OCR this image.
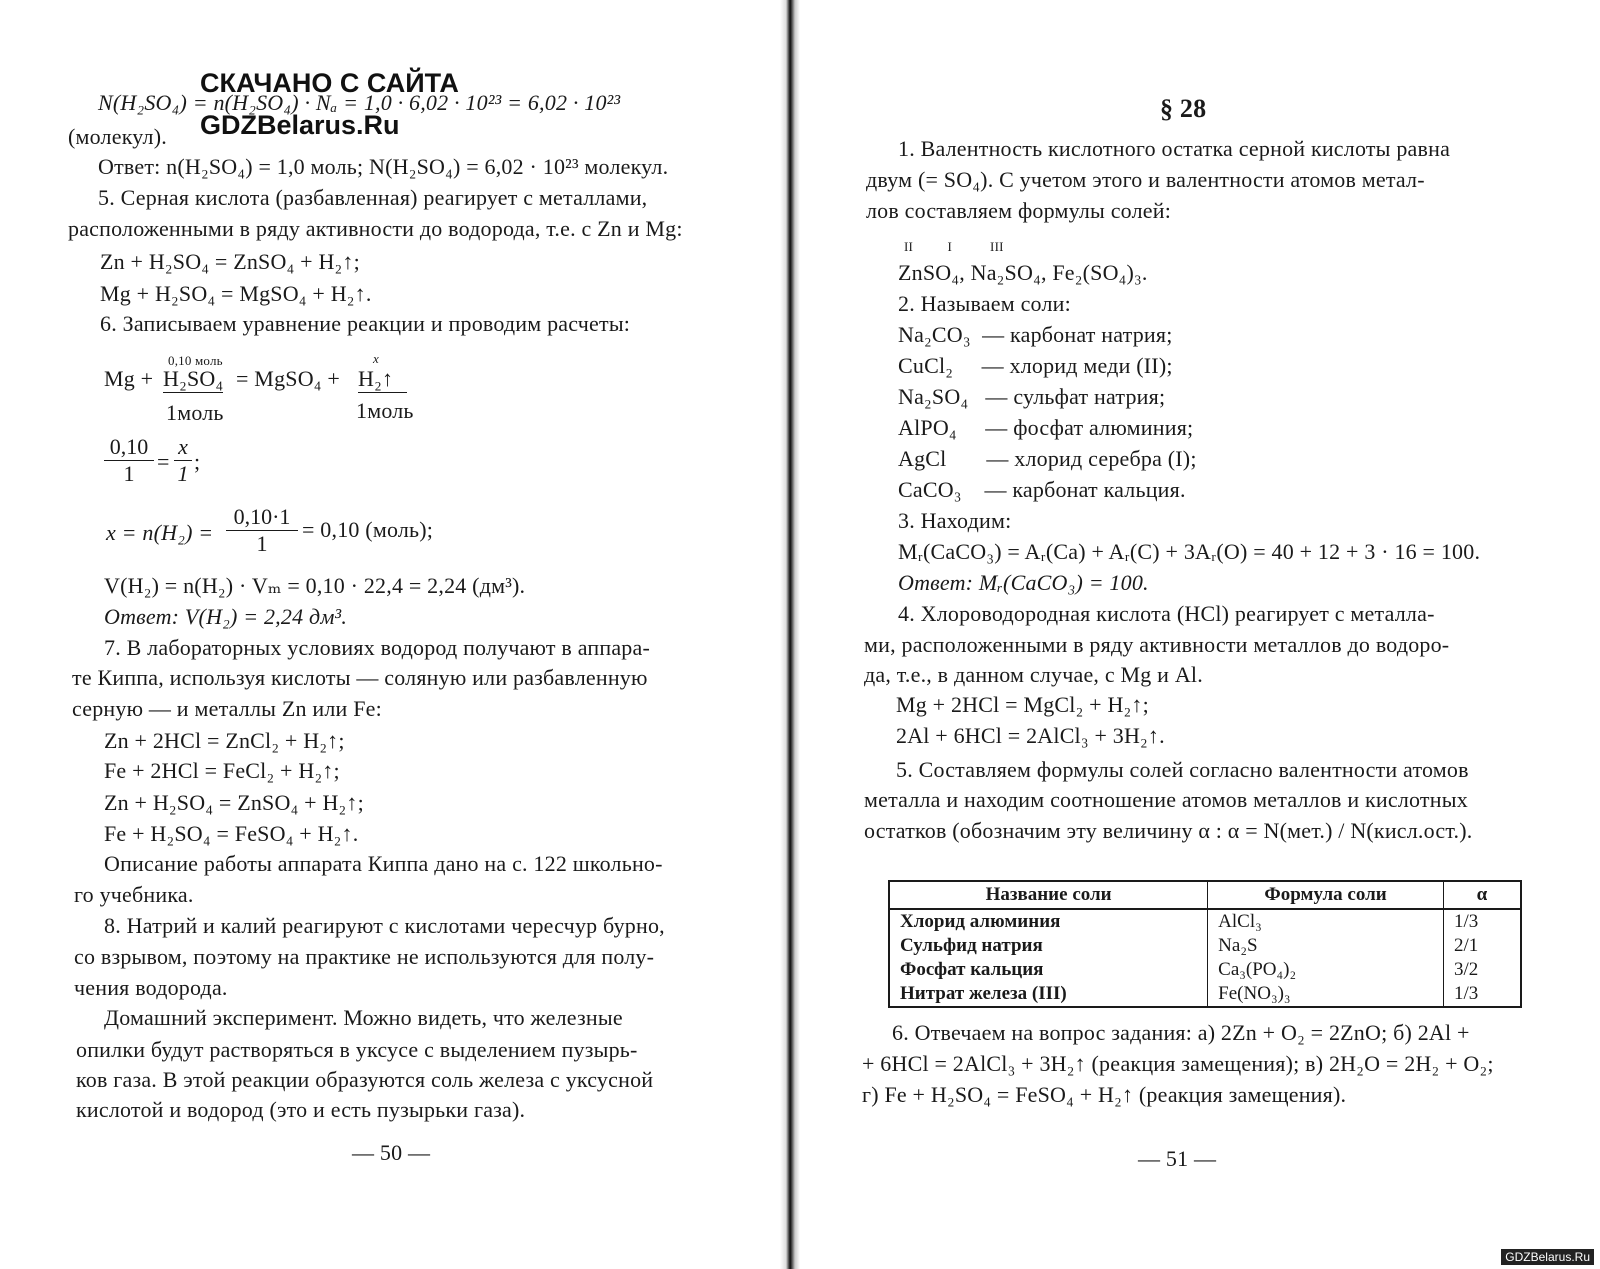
СКАЧАНО С САЙТА
GDZBelarus.Ru
N(H₂SO₄) = n(H₂SO₄) · Nₐ = 1,0 · 6,02 · 10²³ = 6,02 · 10²³
(молекул).
Ответ: n(H₂SO₄) = 1,0 моль; N(H₂SO₄) = 6,02 · 10²³ молекул.
5. Серная кислота (разбавленная) реагирует с металлами,
расположенными в ряду активности до водорода, т.е. с Zn и Mg:
Zn + H₂SO₄ = ZnSO₄ + H₂↑;
Mg + H₂SO₄ = MgSO₄ + H₂↑.
6. Записываем уравнение реакции и проводим расчеты:
Mg +
0,10 моль
H₂SO₄ = MgSO₄ +
x
H₂↑
1моль	1моль
0,10
1	=
x
1 ;
x = n(H₂) =
0,10·1
1
= 0,10 (моль);
V(H₂) = n(H₂) · Vₘ = 0,10 · 22,4 = 2,24 (дм³).
Ответ: V(H₂) = 2,24 дм³.
7. В лабораторных условиях водород получают в аппара-
те Киппа, используя кислоты — соляную или разбавленную
серную — и металлы Zn или Fe:
Zn + 2HCl = ZnCl₂ + H₂↑;
Fe + 2HCl = FeCl₂ + H₂↑;
Zn + H₂SO₄ = ZnSO₄ + H₂↑;
Fe + H₂SO₄ = FeSO₄ + H₂↑.
Описание работы аппарата Киппа дано на с. 122 школьно-
го учебника.
8. Натрий и калий реагируют с кислотами чересчур бурно,
со взрывом, поэтому на практике не используются для полу-
чения водорода.
Домашний эксперимент. Можно видеть, что железные
опилки будут растворяться в уксусе с выделением пузырь-
ков газа. В этой реакции образуются соль железа с уксусной
кислотой и водород (это и есть пузырьки газа).
— 50 —
§ 28
1. Валентность кислотного остатка серной кислоты равна
двум (= SO₄). С учетом этого и валентности атомов метал-
лов составляем формулы солей:
II          I           III
ZnSO₄, Na₂SO₄, Fe₂(SO₄)₃.
2. Называем соли:
Na₂CO₃  — карбонат натрия;
CuCl₂     — хлорид меди (II);
Na₂SO₄   — сульфат натрия;
AlPO₄     — фосфат алюминия;
AgCl       — хлорид серебра (I);
CaCO₃    — карбонат кальция.
3. Находим:
Mᵣ(CaCO₃) = Aᵣ(Ca) + Aᵣ(C) + 3Aᵣ(O) = 40 + 12 + 3 · 16 = 100.
Ответ: Mᵣ(CaCO₃) = 100.
4. Хлороводородная кислота (HCl) реагирует с металла-
ми, расположенными в ряду активности металлов до водоро-
да, т.е., в данном случае, с Mg и Al.
Mg + 2HCl = MgCl₂ + H₂↑;
2Al + 6HCl = 2AlCl₃ + 3H₂↑.
5. Составляем формулы солей согласно валентности атомов
металла и находим соотношение атомов металлов и кислотных
остатков (обозначим эту величину α : α = N(мет.) / N(кисл.ост.).
Название соли	Формула соли	α
Хлорид алюминия	AlCl₃	1/3
Сульфид натрия	Na₂S	2/1
Фосфат кальция	Ca₃(PO₄)₂	3/2
Нитрат железа (III)	Fe(NO₃)₃	1/3
6. Отвечаем на вопрос задания: а) 2Zn + O₂ = 2ZnO; б) 2Al +
+ 6HCl = 2AlCl₃ + 3H₂↑ (реакция замещения); в) 2H₂O = 2H₂ + O₂;
г) Fe + H₂SO₄ = FeSO₄ + H₂↑ (реакция замещения).
— 51 —
GDZBelarus.Ru
